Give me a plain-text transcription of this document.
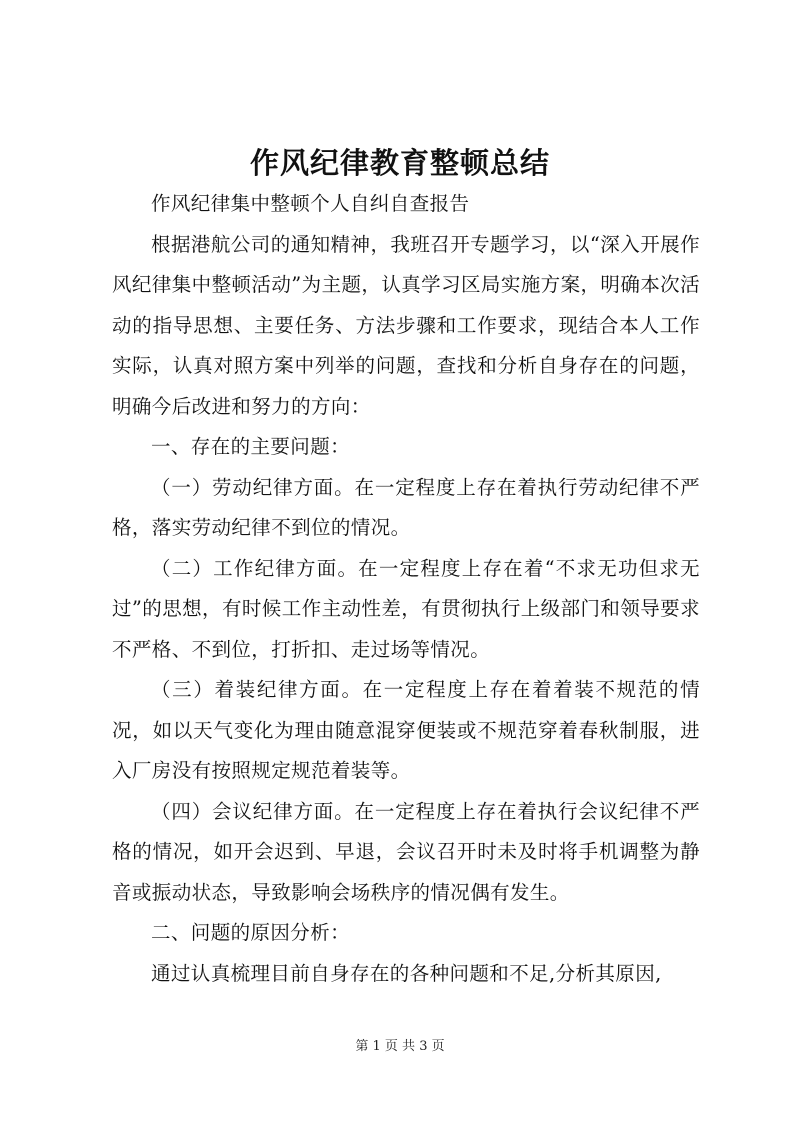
作风纪律教育整顿总结

作风纪律集中整顿个人自纠自查报告

根据港航公司的通知精神，我班召开专题学习，以“深入开展作风纪律集中整顿活动”为主题，认真学习区局实施方案，明确本次活动的指导思想、主要任务、方法步骤和工作要求，现结合本人工作实际，认真对照方案中列举的问题，查找和分析自身存在的问题，明确今后改进和努力的方向：

一、存在的主要问题：

（一）劳动纪律方面。在一定程度上存在着执行劳动纪律不严格，落实劳动纪律不到位的情况。

（二）工作纪律方面。在一定程度上存在着“不求无功但求无过”的思想，有时候工作主动性差，有贯彻执行上级部门和领导要求不严格、不到位，打折扣、走过场等情况。

（三）着装纪律方面。在一定程度上存在着着装不规范的情况，如以天气变化为理由随意混穿便装或不规范穿着春秋制服，进入厂房没有按照规定规范着装等。

（四）会议纪律方面。在一定程度上存在着执行会议纪律不严格的情况，如开会迟到、早退，会议召开时未及时将手机调整为静音或振动状态，导致影响会场秩序的情况偶有发生。

二、问题的原因分析：

通过认真梳理目前自身存在的各种问题和不足,分析其原因,

第 1 页 共 3 页
